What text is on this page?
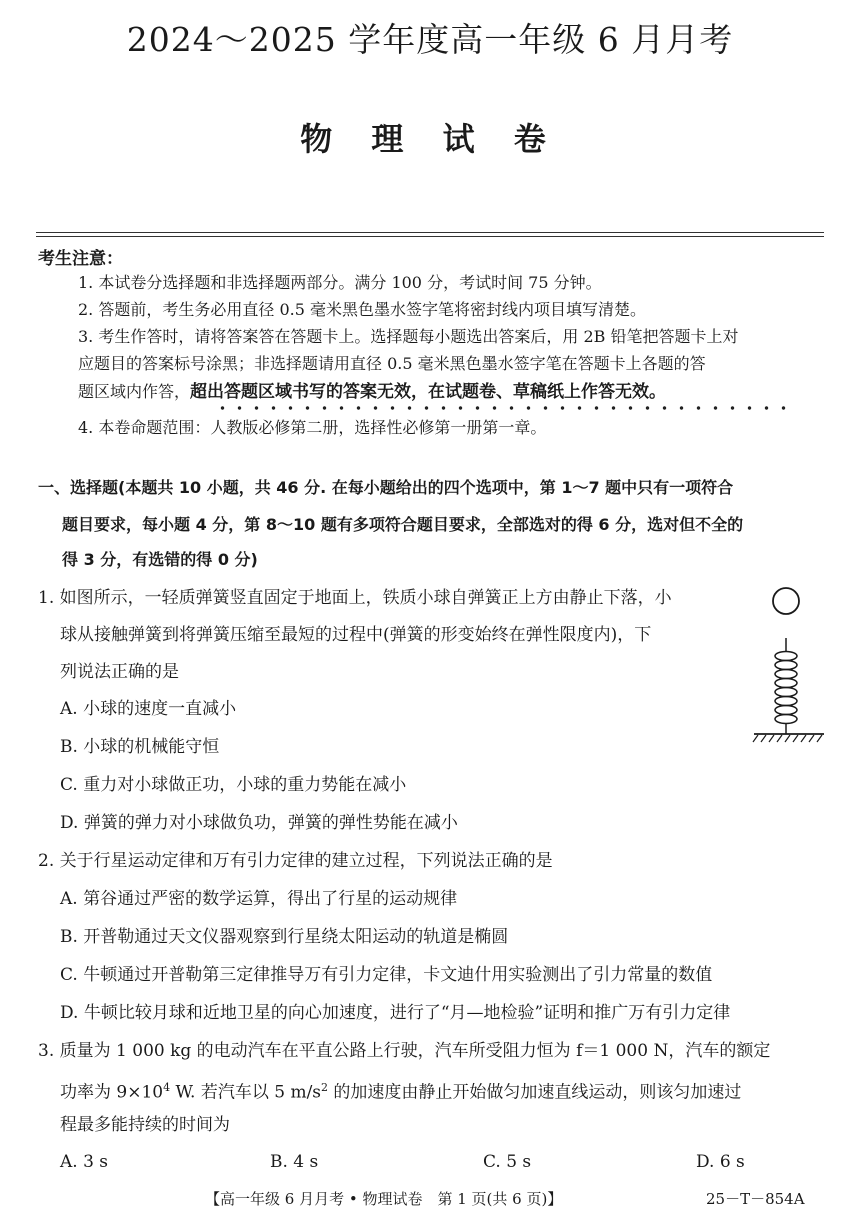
2024～2025 学年度高一年级 6 月月考
物 理 试 卷
考生注意：
1. 本试卷分选择题和非选择题两部分。满分 100 分，考试时间 75 分钟。
2. 答题前，考生务必用直径 0.5 毫米黑色墨水签字笔将密封线内项目填写清楚。
3. 考生作答时，请将答案答在答题卡上。选择题每小题选出答案后，用 2B 铅笔把答题卡上对
应题目的答案标号涂黑；非选择题请用直径 0.5 毫米黑色墨水签字笔在答题卡上各题的答
题区域内作答，超出答题区域书写的答案无效，在试题卷、草稿纸上作答无效。
4. 本卷命题范围：人教版必修第二册，选择性必修第一册第一章。
一、选择题(本题共 10 小题，共 46 分. 在每小题给出的四个选项中，第 1～7 题中只有一项符合
题目要求，每小题 4 分，第 8～10 题有多项符合题目要求，全部选对的得 6 分，选对但不全的
得 3 分，有选错的得 0 分)
1. 如图所示，一轻质弹簧竖直固定于地面上，铁质小球自弹簧正上方由静止下落，小
球从接触弹簧到将弹簧压缩至最短的过程中(弹簧的形变始终在弹性限度内)，下
列说法正确的是
A. 小球的速度一直减小
B. 小球的机械能守恒
C. 重力对小球做正功，小球的重力势能在减小
D. 弹簧的弹力对小球做负功，弹簧的弹性势能在减小
2. 关于行星运动定律和万有引力定律的建立过程，下列说法正确的是
A. 第谷通过严密的数学运算，得出了行星的运动规律
B. 开普勒通过天文仪器观察到行星绕太阳运动的轨道是椭圆
C. 牛顿通过开普勒第三定律推导万有引力定律，卡文迪什用实验测出了引力常量的数值
D. 牛顿比较月球和近地卫星的向心加速度，进行了“月—地检验”证明和推广万有引力定律
3. 质量为 1 000 kg 的电动汽车在平直公路上行驶，汽车所受阻力恒为 f＝1 000 N，汽车的额定
功率为 $9\times 10^4$ W. 若汽车以 5 $m/s^2$ 的加速度由静止开始做匀加速直线运动，则该匀加速过
程最多能持续的时间为
A. 3 s	B. 4 s	C. 5 s	D. 6 s
【高一年级 6 月月考 • 物理试卷　第 1 页(共 6 页)】	25－T－854A
